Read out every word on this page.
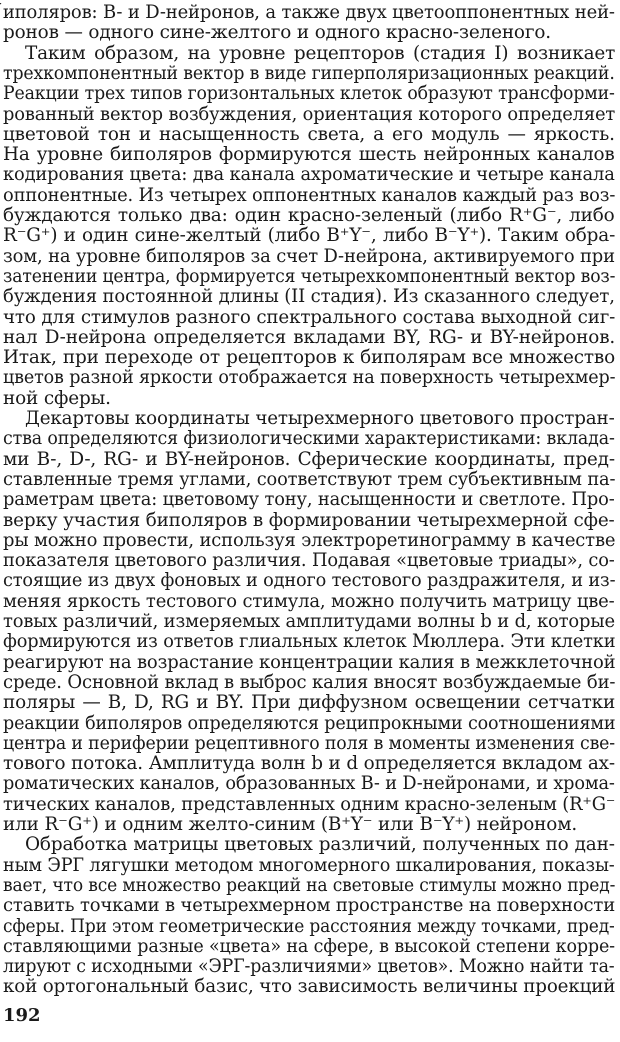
́иполяров: B- и D-нейронов, а также двух цветооппонентных ней-
ронов — одного сине-желтого и одного красно-зеленого.
Таким образом, на уровне рецепторов (стадия I) возникает
трехкомпонентный вектор в виде гиперполяризационных реакций.
Реакции трех типов горизонтальных клеток образуют трансформи-
рованный вектор возбуждения, ориентация которого определяет
цветовой тон и насыщенность света, а его модуль — яркость.
На уровне биполяров формируются шесть нейронных каналов
кодирования цвета: два канала ахроматические и четыре канала
оппонентные. Из четырех оппонентных каналов каждый раз воз-
буждаются только два: один красно-зеленый (либо R⁺G⁻, либо
R⁻G⁺) и один сине-желтый (либо B⁺Y⁻, либо B⁻Y⁺). Таким обра-
зом, на уровне биполяров за счет D-нейрона, активируемого при
затенении центра, формируется четырехкомпонентный вектор воз-
буждения постоянной длины (II стадия). Из сказанного следует,
что для стимулов разного спектрального состава выходной сиг-
нал D-нейрона определяется вкладами BY, RG- и BY-нейронов.
Итак, при переходе от рецепторов к биполярам все множество
цветов разной яркости отображается на поверхность четырехмер-
ной сферы.
Декартовы координаты четырехмерного цветового простран-
ства определяются физиологическими характеристиками: вклада-
ми B-, D-, RG- и BY-нейронов. Сферические координаты, пред-
ставленные тремя углами, соответствуют трем субъективным па-
раметрам цвета: цветовому тону, насыщенности и светлоте. Про-
верку участия биполяров в формировании четырехмерной сфе-
ры можно провести, используя электроретинограмму в качестве
показателя цветового различия. Подавая «цветовые триады», со-
стоящие из двух фоновых и одного тестового раздражителя, и из-
меняя яркость тестового стимула, можно получить матрицу цве-
товых различий, измеряемых амплитудами волны b и d, которые
формируются из ответов глиальных клеток Мюллера. Эти клетки
реагируют на возрастание концентрации калия в межклеточной
среде. Основной вклад в выброс калия вносят возбуждаемые би-
поляры — B, D, RG и BY. При диффузном освещении сетчатки
реакции биполяров определяются реципрокными соотношениями
центра и периферии рецептивного поля в моменты изменения све-
тового потока. Амплитуда волн b и d определяется вкладом ах-
роматических каналов, образованных B- и D-нейронами, и хрома-
тических каналов, представленных одним красно-зеленым (R⁺G⁻
или R⁻G⁺) и одним желто-синим (B⁺Y⁻ или B⁻Y⁺) нейроном.
Обработка матрицы цветовых различий, полученных по дан-
ным ЭРГ лягушки методом многомерного шкалирования, показы-
вает, что все множество реакций на световые стимулы можно пред-
ставить точками в четырехмерном пространстве на поверхности
сферы. При этом геометрические расстояния между точками, пред-
ставляющими разные «цвета» на сфере, в высокой степени корре-
лируют с исходными «ЭРГ-различиями» цветов». Можно найти та-
кой ортогональный базис, что зависимость величины проекций
192
